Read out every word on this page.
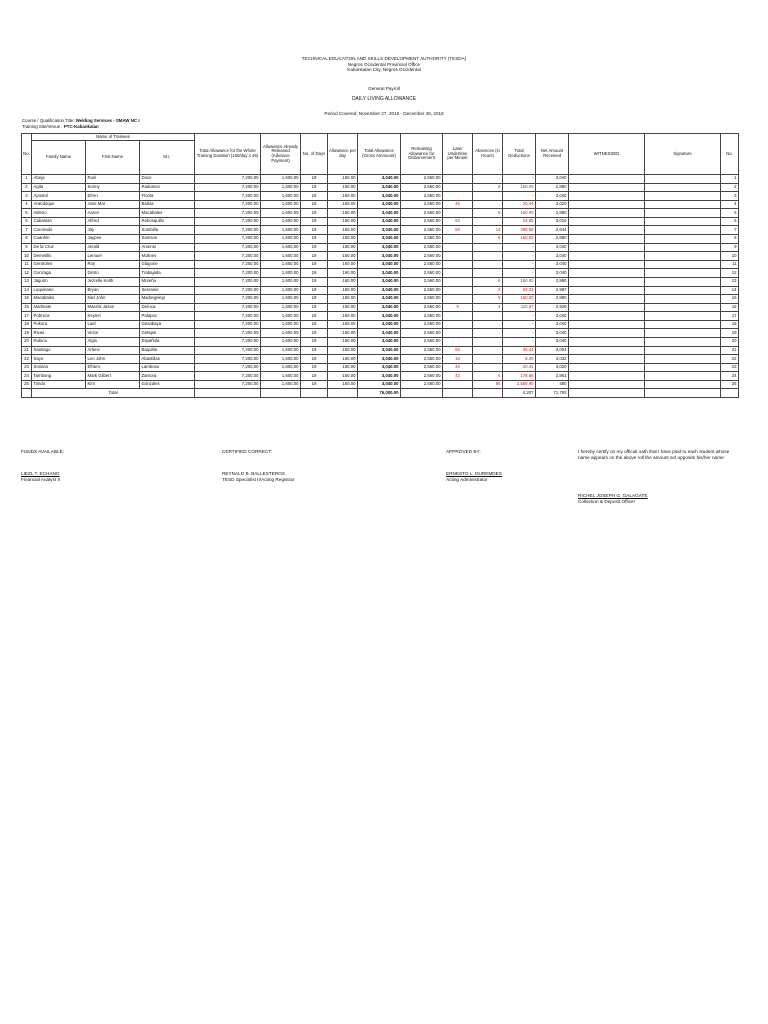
TECHNICAL EDUCATION AND SKILLS DEVELOPMENT AUTHORITY (TESDA)
Negros Occidental Provincial Office
Kabankalan City, Negros Occidental
General Payroll
DAILY LIVING ALLOWANCE
Period Covered: November 27, 2018 - December 26, 2018
Course / Qualification Title: Welding Services - SMAW NC I
Training Site/Venue : PTC-Kabankalan
No.	Name of Trainees			Total Allowance for the Whole Training Duration (160/day x 45)	Allowance Already Released (Advance Payment)	No. of Days	Allowance per day	Total Allowance (Gross Ammount)	Remaining Allowance for Disbursement	Late/ Undertime per Minute	Absences (in Hours)	Total Deductions	Net Amount Received	WITNESSED	Signature	No.
	Family Name	First Name	M.I.													
1	Abeja	Roel	Doce	7,200.00	1,600.00	19	160.00	3,040.00	2,560.00			-	3,040			1
2	Agita	Sonny	Radomes	7,200.00	1,600.00	19	160.00	3,040.00	2,560.00		6	160.00	2,880			2
3	Apostol	Efren	Florita	7,200.00	1,600.00	19	160.00	3,040.00	2,560.00			-	3,040			3
4	Arandoque	Jose Mar	Barlas	7,200.00	1,600.00	19	160.00	3,040.00	2,560.00	46		20.44	3,020			4
5	Atileno	Aaron	Macabales	7,200.00	1,600.00	19	160.00	3,040.00	2,560.00		6	160.00	2,880			5
6	Cabanlan	Alfred	Rebosquillo	7,200.00	1,600.00	19	160.00	3,040.00	2,560.00	53		23.55	3,016			6
7	Coronado	Jay	Sombilla	7,200.00	1,600.00	19	160.00	3,040.00	2,560.00	50	14	395.55	2,644			7
8	Cuanhin	Jaypee	Samson	7,200.00	1,600.00	19	160.00	3,040.00	2,560.00		6	160.00	2,880			8
9	De la Cruz	Jerald	Arsenio	7,200.00	1,600.00	19	160.00	3,040.00	2,560.00			-	3,040			9
10	Demetillo	Lemuel	Molines	7,200.00	1,600.00	19	160.00	3,040.00	2,560.00			-	3,040			10
11	Gentroles	Roy	Glagone	7,200.00	1,600.00	19	160.00	3,040.00	2,560.00			-	3,040			11
12	Gonzaga	Dirsto	Trabajada	7,200.00	1,600.00	19	160.00	3,040.00	2,560.00			-	3,040			12
13	Jaguirn	Jezrelle Keith	Moreño	7,200.00	1,600.00	19	160.00	3,040.00	2,560.00		6	160.00	2,880			13
14	Loquinario	Bryan	Servanie	7,200.00	1,600.00	19	160.00	3,040.00	2,560.00		2	53.33	2,987			14
15	Macabales	Niel John	Madregelejo	7,200.00	1,600.00	19	160.00	3,040.00	2,560.00		6	160.00	2,880			15
16	Martinete	Maersk Jason	Deruca	7,200.00	1,600.00	19	160.00	3,040.00	2,560.00	9	4	110.67	2,929			16
17	Pobreza	Keynel	Palapoc	7,200.00	1,600.00	19	160.00	3,040.00	2,560.00			-	3,040			17
18	Pokora	Lael	Gesabaya	7,200.00	1,600.00	19	160.00	3,040.00	2,560.00			-	3,040			18
19	Rivas	Victor	Gelapin	7,200.00	1,600.00	19	160.00	3,040.00	2,560.00			-	3,040			19
20	Rubica	Algin	Española	7,200.00	1,600.00	19	160.00	3,040.00	2,560.00			-	3,040			20
21	Santiago	Arlene	Baquilta	7,200.00	1,600.00	19	160.00	3,040.00	2,560.00	82		36.44	3,004			21
22	Sayo	Leo John	Abastillas	7,200.00	1,600.00	19	160.00	3,040.00	2,560.00	18		8.00	3,032			22
23	Soriano	Efraim	Lamboso	7,200.00	1,600.00	19	160.00	3,040.00	2,560.00	46		20.44	3,020			23
24	Tambong	Mark Gilbert	Zamora	7,200.00	1,600.00	19	160.00	3,040.00	2,560.00	42	6	178.66	2,861			24
25	Tondo	Kim	Gonzales	7,200.00	1,600.00	19	160.00	3,040.00	2,560.00		96	2,559.99	480			25
	Total							76,000.00				4,207	71,793			
FUNDS AVAILABLE:
LIEZL T. ECHANO
Financial Analyst II
CERTIFIED CORRECT:
REYNALD B. BALLESTEROS
TESD Specialist II/Acting Registrar
APPROVED BY:
ERNESTO L. DUREMDES
Acting Administrator
I hereby certify on my official oath that I have paid to each student whose name appears on the above roll the amount set opposite his/her name:
RICHEL JOSEPH G. GALAGATE
Collection & Deposit Officer
